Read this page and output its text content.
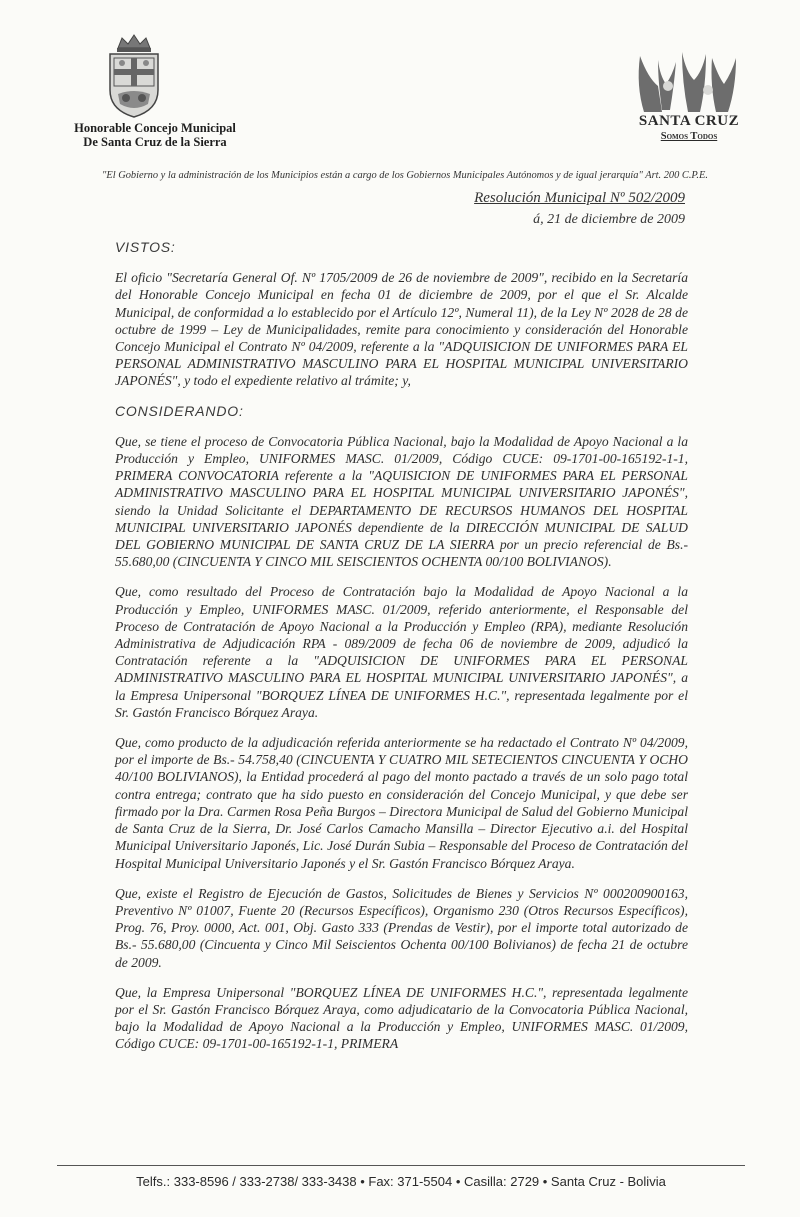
Honorable Concejo Municipal
De Santa Cruz de la Sierra
SANTA CRUZ
Somos Todos
"El Gobierno y la administración de los Municipios están a cargo de los Gobiernos Municipales Autónomos y de igual jerarquía" Art. 200 C.P.E.
Resolución Municipal Nº 502/2009
á, 21 de diciembre de 2009
VISTOS:

El oficio "Secretaría General Of. Nº 1705/2009 de 26 de noviembre de 2009", recibido en la Secretaría del Honorable Concejo Municipal en fecha 01 de diciembre de 2009, por el que el Sr. Alcalde Municipal, de conformidad a lo establecido por el Artículo 12º, Numeral 11), de la Ley Nº 2028 de 28 de octubre de 1999 – Ley de Municipalidades, remite para conocimiento y consideración del Honorable Concejo Municipal el Contrato Nº 04/2009, referente a la "ADQUISICION DE UNIFORMES PARA EL PERSONAL ADMINISTRATIVO MASCULINO PARA EL HOSPITAL MUNICIPAL UNIVERSITARIO JAPONÉS", y todo el expediente relativo al trámite; y,

CONSIDERANDO:

Que, se tiene el proceso de Convocatoria Pública Nacional, bajo la Modalidad de Apoyo Nacional a la Producción y Empleo, UNIFORMES MASC. 01/2009, Código CUCE: 09-1701-00-165192-1-1, PRIMERA CONVOCATORIA referente a la "AQUISICION DE UNIFORMES PARA EL PERSONAL ADMINISTRATIVO MASCULINO PARA EL HOSPITAL MUNICIPAL UNIVERSITARIO JAPONÉS", siendo la Unidad Solicitante el DEPARTAMENTO DE RECURSOS HUMANOS DEL HOSPITAL MUNICIPAL UNIVERSITARIO JAPONÉS dependiente de la DIRECCIÓN MUNICIPAL DE SALUD DEL GOBIERNO MUNICIPAL DE SANTA CRUZ DE LA SIERRA por un precio referencial de Bs.- 55.680,00 (CINCUENTA Y CINCO MIL SEISCIENTOS OCHENTA 00/100 BOLIVIANOS).

Que, como resultado del Proceso de Contratación bajo la Modalidad de Apoyo Nacional a la Producción y Empleo, UNIFORMES MASC. 01/2009, referido anteriormente, el Responsable del Proceso de Contratación de Apoyo Nacional a la Producción y Empleo (RPA), mediante Resolución Administrativa de Adjudicación RPA - 089/2009 de fecha 06 de noviembre de 2009, adjudicó la Contratación referente a la "ADQUISICION DE UNIFORMES PARA EL PERSONAL ADMINISTRATIVO MASCULINO PARA EL HOSPITAL MUNICIPAL UNIVERSITARIO JAPONÉS", a la Empresa Unipersonal "BORQUEZ LÍNEA DE UNIFORMES H.C.", representada legalmente por el Sr. Gastón Francisco Bórquez Araya.

Que, como producto de la adjudicación referida anteriormente se ha redactado el Contrato Nº 04/2009, por el importe de Bs.- 54.758,40 (CINCUENTA Y CUATRO MIL SETECIENTOS CINCUENTA Y OCHO 40/100 BOLIVIANOS), la Entidad procederá al pago del monto pactado a través de un solo pago total contra entrega; contrato que ha sido puesto en consideración del Concejo Municipal, y que debe ser firmado por la Dra. Carmen Rosa Peña Burgos – Directora Municipal de Salud del Gobierno Municipal de Santa Cruz de la Sierra, Dr. José Carlos Camacho Mansilla – Director Ejecutivo a.i. del Hospital Municipal Universitario Japonés, Lic. José Durán Subia – Responsable del Proceso de Contratación del Hospital Municipal Universitario Japonés y el Sr. Gastón Francisco Bórquez Araya.

Que, existe el Registro de Ejecución de Gastos, Solicitudes de Bienes y Servicios Nº 000200900163, Preventivo Nº 01007, Fuente 20 (Recursos Específicos), Organismo 230 (Otros Recursos Específicos), Prog. 76, Proy. 0000, Act. 001, Obj. Gasto 333 (Prendas de Vestir), por el importe total autorizado de Bs.- 55.680,00 (Cincuenta y Cinco Mil Seiscientos Ochenta 00/100 Bolivianos) de fecha 21 de octubre de 2009.

Que, la Empresa Unipersonal "BORQUEZ LÍNEA DE UNIFORMES H.C.", representada legalmente por el Sr. Gastón Francisco Bórquez Araya, como adjudicatario de la Convocatoria Pública Nacional, bajo la Modalidad de Apoyo Nacional a la Producción y Empleo, UNIFORMES MASC. 01/2009, Código CUCE: 09-1701-00-165192-1-1, PRIMERA

Telfs.: 333-8596 / 333-2738/ 333-3438 • Fax: 371-5504 • Casilla: 2729 • Santa Cruz - Bolivia
